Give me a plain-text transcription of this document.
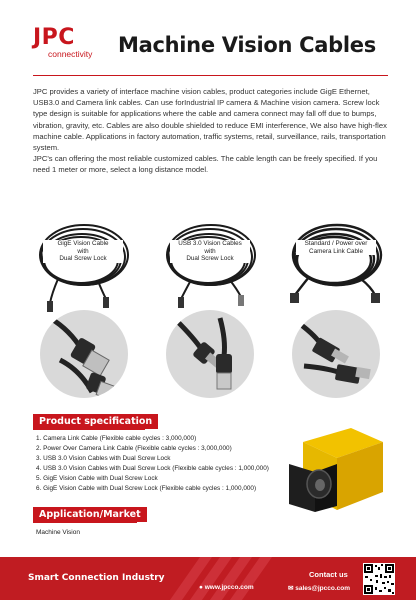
JPC
connectivity	Machine Vision Cables

JPC provides a variety of interface machine vision cables, product categories include GigE Ethernet, USB3.0 and Camera link cables. Can use forIndustrial IP camera & Machine vision camera. Screw lock type design is suitable for applications where the cable and camera connect may fall off due to bumps, vibration, gravity, etc. Cables are also double shielded to reduce EMI interference, We also have high-flex machine cable. Applications in factory automation, traffic systems, retail, surveillance, rails, transportation system.

JPC's can offering the most reliable customized cables. The cable length can be freely specified. If you need 1 meter or more, select a long distance model.

GigE Vision Cable
with
Dual Screw Lock
USB 3.0 Vision Cables
with
Dual Screw Lock
Standard / Power over
Camera Link Cable
Product specification
1. Camera Link Cable (Flexible cable cycles : 3,000,000)
2. Power Over Camera Link Cable (Flexible cable cycles : 3,000,000)
3. USB 3.0 Vision Cables with Dual Screw Lock
4. USB 3.0 Vision Cables with Dual Screw Lock (Flexible cable cycles : 1,000,000)
5. GigE Vision Cable with Dual Screw Lock
6. GigE Vision Cable with Dual Screw Lock (Flexible cable cycles : 1,000,000)
Application/Market
Machine Vision
Smart Connection Industry	Contact us
● www.jpcco.com	✉ sales@jpcco.com
